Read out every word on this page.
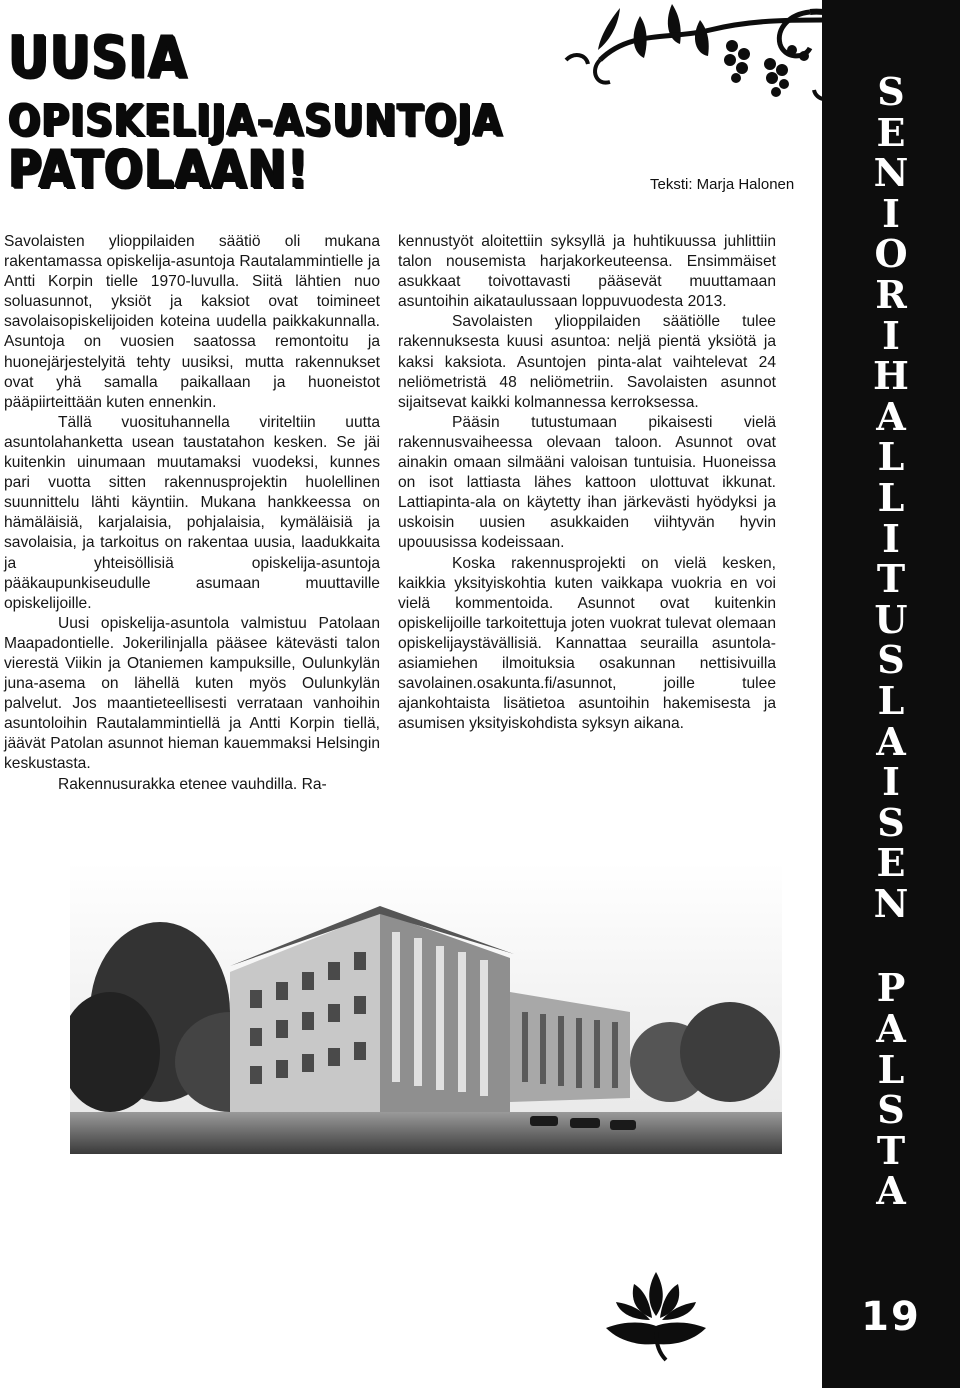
UUSIA
OPISKELIJA-ASUNTOJA
PATOLAAN!	Teksti: Marja Halonen

Savolaisten ylioppilaiden säätiö oli mukana rakentamassa opiskelija-asuntoja Rautalammintielle ja Antti Korpin tielle 1970-luvulla. Siitä lähtien nuo soluasunnot, yksiöt ja kaksiot ovat toimineet savolaisopiskelijoiden koteina uudella paikkakunnalla. Asuntoja on vuosien saatossa remontoitu ja huonejärjestelyitä tehty uusiksi, mutta rakennukset ovat yhä samalla paikallaan ja huoneistot pääpiirteittään kuten ennenkin.

Tällä vuosituhannella viriteltiin uutta asuntolahanketta usean taustatahon kesken. Se jäi kuitenkin uinumaan muutamaksi vuodeksi, kunnes pari vuotta sitten rakennusprojektin huolellinen suunnittelu lähti käyntiin. Mukana hankkeessa on hämäläisiä, karjalaisia, pohjalaisia, kymäläisiä ja savolaisia, ja tarkoitus on rakentaa uusia, laadukkaita ja yhteisöllisiä opiskelija-asuntoja pääkaupunkiseudulle asumaan muuttaville opiskelijoille.

Uusi opiskelija-asuntola valmistuu Patolaan Maapadontielle. Jokerilinjalla pääsee kätevästi talon vierestä Viikin ja Otaniemen kampuksille, Oulunkylän juna-asema on lähellä kuten myös Oulunkylän palvelut. Jos maantieteellisesti verrataan vanhoihin asuntoloihin Rautalammintiellä ja Antti Korpin tiellä, jäävät Patolan asunnot hieman kauemmaksi Helsingin keskustasta.

Rakennusurakka etenee vauhdilla. Ra-

kennustyöt aloitettiin syksyllä ja huhtikuussa juhlittiin talon nousemista harjakorkeuteensa. Ensimmäiset asukkaat toivottavasti pääsevät muuttamaan asuntoihin aikataulussaan loppuvuodesta 2013.

Savolaisten ylioppilaiden säätiölle tulee rakennuksesta kuusi asuntoa: neljä pientä yksiötä ja kaksi kaksiota. Asuntojen pinta-alat vaihtelevat 24 neliömetristä 48 neliömetriin. Savolaisten asunnot sijaitsevat kaikki kolmannessa kerroksessa.

Pääsin tutustumaan pikaisesti vielä rakennusvaiheessa olevaan taloon. Asunnot ovat ainakin omaan silmääni valoisan tuntuisia. Huoneissa on isot lattiasta lähes kattoon ulottuvat ikkunat. Lattiapinta-ala on käytetty ihan järkevästi hyödyksi ja uskoisin uusien asukkaiden viihtyvän hyvin upouusissa kodeissaan.

Koska rakennusprojekti on vielä kesken, kaikkia yksityiskohtia kuten vaikkapa vuokria en voi vielä kommentoida. Asunnot ovat kuitenkin opiskelijoille tarkoitettuja joten vuokrat tulevat olemaan opiskelijaystävällisiä. Kannattaa seurailla asuntola-asiamiehen ilmoituksia osakunnan nettisivuilla savolainen.osakunta.fi/asunnot, joille tulee ajankohtaista lisätietoa asuntoihin hakemisesta ja asumisen yksityiskohdista syksyn aikana.

S
E
N
I
O
R
I
H
A
L
L
I
T
U
S
L
A
I
S
E
N
P
A
L
S
T
A
19
